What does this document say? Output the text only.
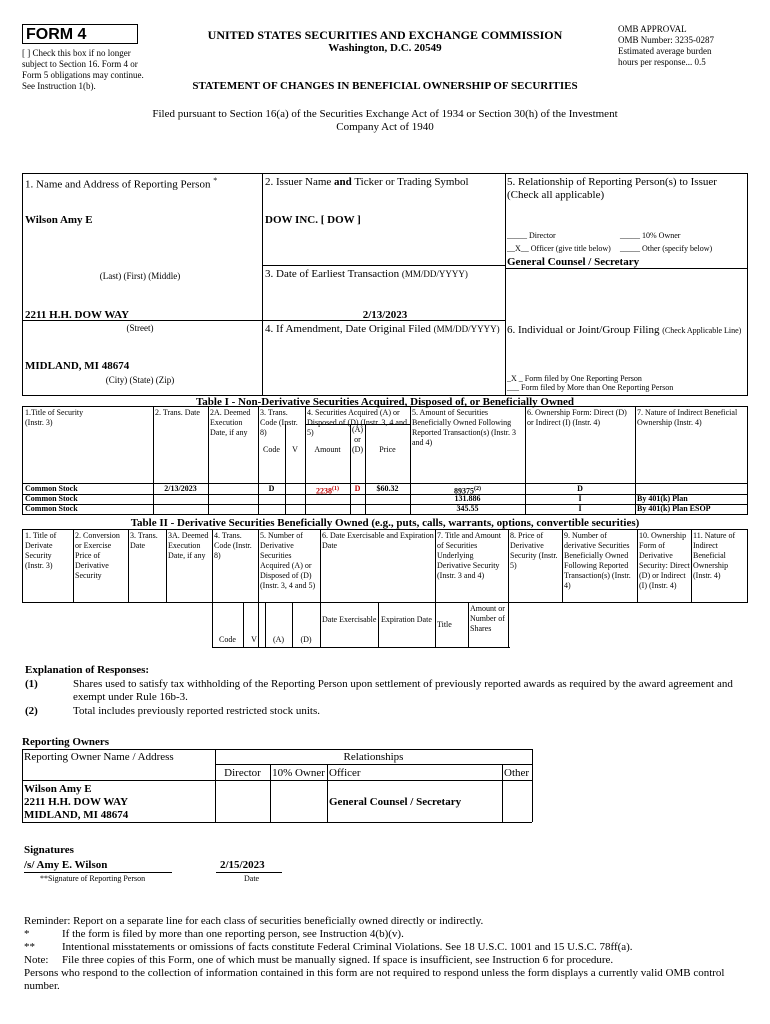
FORM 4
[ ] Check this box if no longer subject to Section 16. Form 4 or Form 5 obligations may continue. See Instruction 1(b).
UNITED STATES SECURITIES AND EXCHANGE COMMISSION
Washington, D.C. 20549
STATEMENT OF CHANGES IN BENEFICIAL OWNERSHIP OF SECURITIES
OMB APPROVAL
OMB Number: 3235-0287
Estimated average burden
hours per response... 0.5
Filed pursuant to Section 16(a) of the Securities Exchange Act of 1934 or Section 30(h) of the Investment Company Act of 1940
1. Name and Address of Reporting Person *
Wilson Amy E
(Last) (First) (Middle)
2211 H.H. DOW WAY
(Street)
MIDLAND, MI 48674
(City) (State) (Zip)
2. Issuer Name and Ticker or Trading Symbol
DOW INC. [ DOW ]
3. Date of Earliest Transaction (MM/DD/YYYY)
2/13/2023
4. If Amendment, Date Original Filed (MM/DD/YYYY)
5. Relationship of Reporting Person(s) to Issuer (Check all applicable)
_____ Director	_____ 10% Owner
__X__ Officer (give title below) _____ Other (specify below)
General Counsel / Secretary
6. Individual or Joint/Group Filing (Check Applicable Line)
_X _ Form filed by One Reporting Person
___ Form filed by More than One Reporting Person
Table I - Non-Derivative Securities Acquired, Disposed of, or Beneficially Owned
1.Title of Security (Instr. 3)
2. Trans. Date	2A. Deemed Execution Date, if any
3. Trans. Code (Instr. 8)
4. Securities Acquired (A) or Disposed of (D) (Instr. 3, 4 and 5)
5. Amount of Securities Beneficially Owned Following Reported Transaction(s) (Instr. 3 and 4)
6. Ownership Form: Direct (D) or Indirect (I) (Instr. 4)
7. Nature of Indirect Beneficial Ownership (Instr. 4)
Code	V	Amount
(A) or (D)	Price
Common Stock	2/13/2023	D	2238$^{(1)}$	D	$60.32	89375$^{(2)}$	D
Common Stock	131.886	I	By 401(k) Plan
Common Stock	345.55	I	By 401(k) Plan ESOP
Table II - Derivative Securities Beneficially Owned (e.g., puts, calls, warrants, options, convertible securities)
1. Title of Derivate Security (Instr. 3)
2. Conversion or Exercise Price of Derivative Security
3. Trans. Date
3A. Deemed Execution Date, if any
4. Trans. Code (Instr. 8)
5. Number of Derivative Securities Acquired (A) or Disposed of (D) (Instr. 3, 4 and 5)
6. Date Exercisable and Expiration Date
7. Title and Amount of Securities Underlying Derivative Security (Instr. 3 and 4)
8. Price of Derivative Security (Instr. 5)
9. Number of derivative Securities Beneficially Owned Following Reported Transaction(s) (Instr. 4)
10. Ownership Form of Derivative Security: Direct (D) or Indirect (I) (Instr. 4)
11. Nature of Indirect Beneficial Ownership (Instr. 4)
Code	V	(A)	(D)
Date Exercisable Expiration Date
Title
Amount or Number of Shares
Explanation of Responses:
(1)	Shares used to satisfy tax withholding of the Reporting Person upon settlement of previously reported awards as required by the award agreement and exempt under Rule 16b-3.
(2)	Total includes previously reported restricted stock units.
Reporting Owners
Reporting Owner Name / Address	Relationships
Director	10% Owner Officer	Other
Wilson Amy E
2211 H.H. DOW WAY
MIDLAND, MI 48674
General Counsel / Secretary
Signatures
/s/ Amy E. Wilson	2/15/2023
**Signature of Reporting Person	Date
Reminder: Report on a separate line for each class of securities beneficially owned directly or indirectly.
*	If the form is filed by more than one reporting person, see Instruction 4(b)(v).
** Intentional misstatements or omissions of facts constitute Federal Criminal Violations. See 18 U.S.C. 1001 and 15 U.S.C. 78ff(a).
Note: File three copies of this Form, one of which must be manually signed. If space is insufficient, see Instruction 6 for procedure.
Persons who respond to the collection of information contained in this form are not required to respond unless the form displays a currently valid OMB control number.
